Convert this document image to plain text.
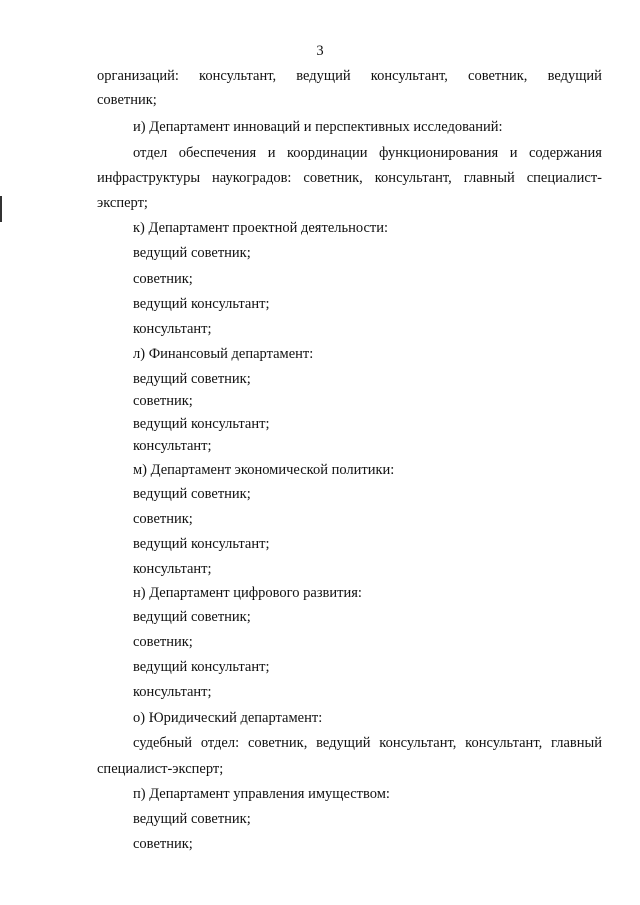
3
организаций: консультант, ведущий консультант, советник, ведущий
советник;
и) Департамент инноваций и перспективных исследований:
отдел обеспечения и координации функционирования и содержания
инфраструктуры наукоградов: советник, консультант, главный специалист-
эксперт;
к) Департамент проектной деятельности:
ведущий советник;
советник;
ведущий консультант;
консультант;
л) Финансовый департамент:
ведущий советник;
советник;
ведущий консультант;
консультант;
м) Департамент экономической политики:
ведущий советник;
советник;
ведущий консультант;
консультант;
н) Департамент цифрового развития:
ведущий советник;
советник;
ведущий консультант;
консультант;
о) Юридический департамент:
судебный отдел: советник, ведущий консультант, консультант, главный
специалист-эксперт;
п) Департамент управления имуществом:
ведущий советник;
советник;
